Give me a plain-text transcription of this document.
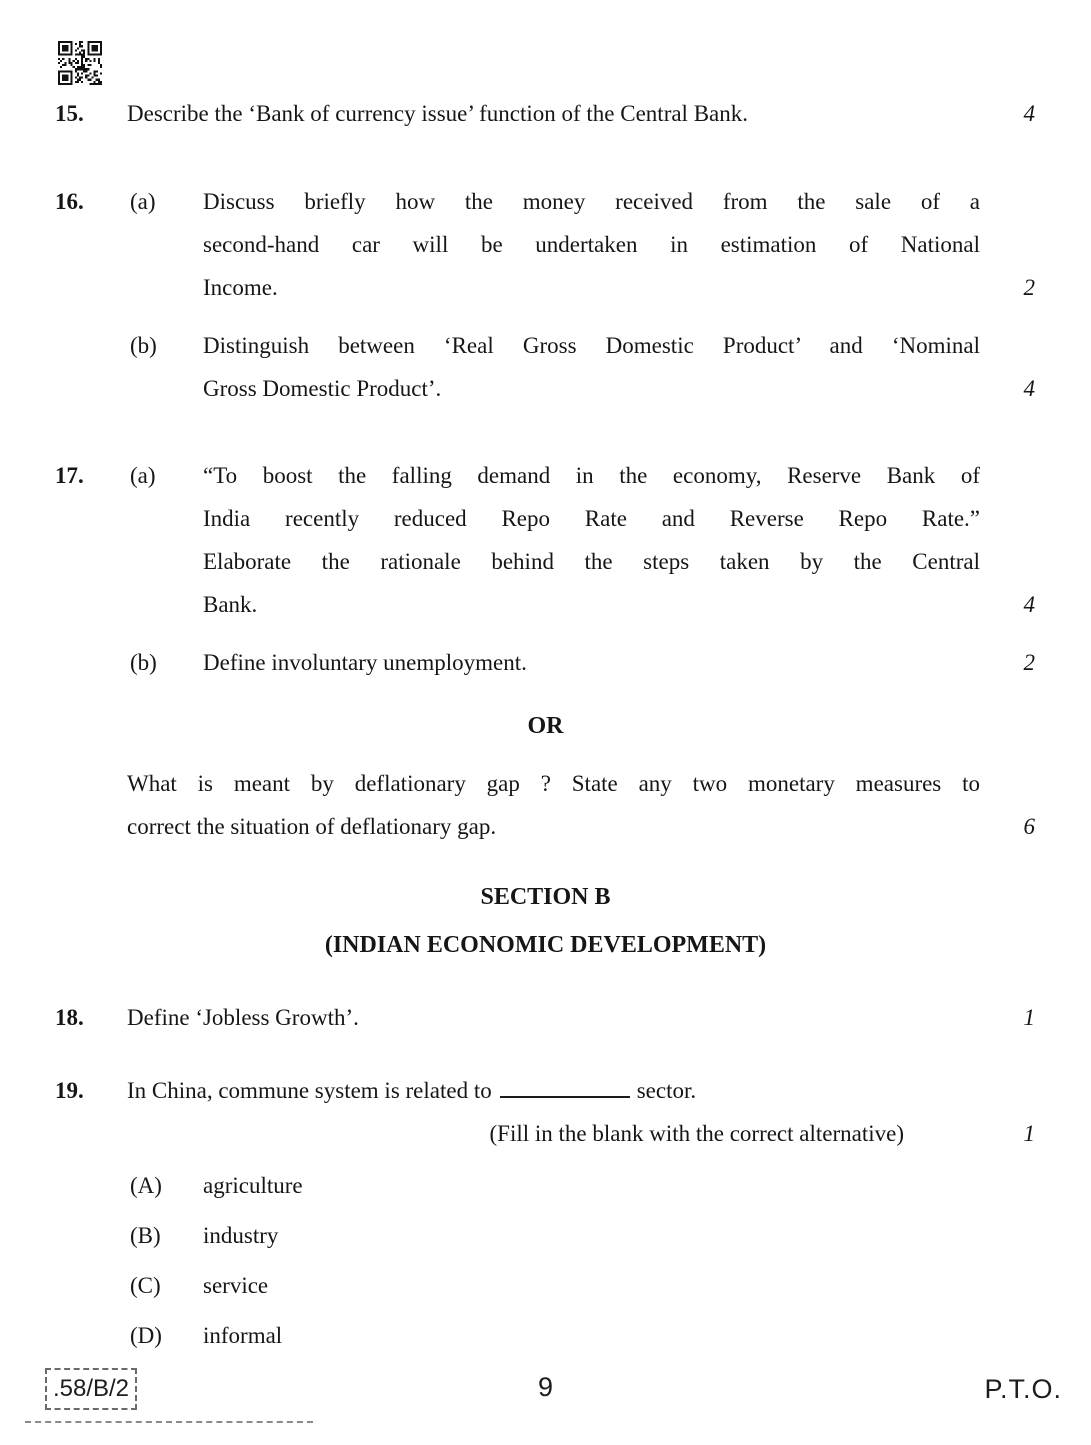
15. Describe the ‘Bank of currency issue’ function of the Central Bank.	4
16. (a) Discuss briefly how the money received from the sale of a
second-hand car will be undertaken in estimation of National
Income.	2
(b) Distinguish between ‘Real Gross Domestic Product’ and ‘Nominal
Gross Domestic Product’.	4
17. (a) “To boost the falling demand in the economy, Reserve Bank of
India recently reduced Repo Rate and Reverse Repo Rate.”
Elaborate the rationale behind the steps taken by the Central
Bank.	4
(b) Define involuntary unemployment.	2
OR
What is meant by deflationary gap ? State any two monetary measures to
correct the situation of deflationary gap.	6
SECTION B
(INDIAN ECONOMIC DEVELOPMENT)
18. Define ‘Jobless Growth’.	1
19. In China, commune system is related to	sector.
(Fill in the blank with the correct alternative)	1
(A) agriculture
(B) industry
(C) service
(D) informal
.58/B/2	9	P.T.O.
